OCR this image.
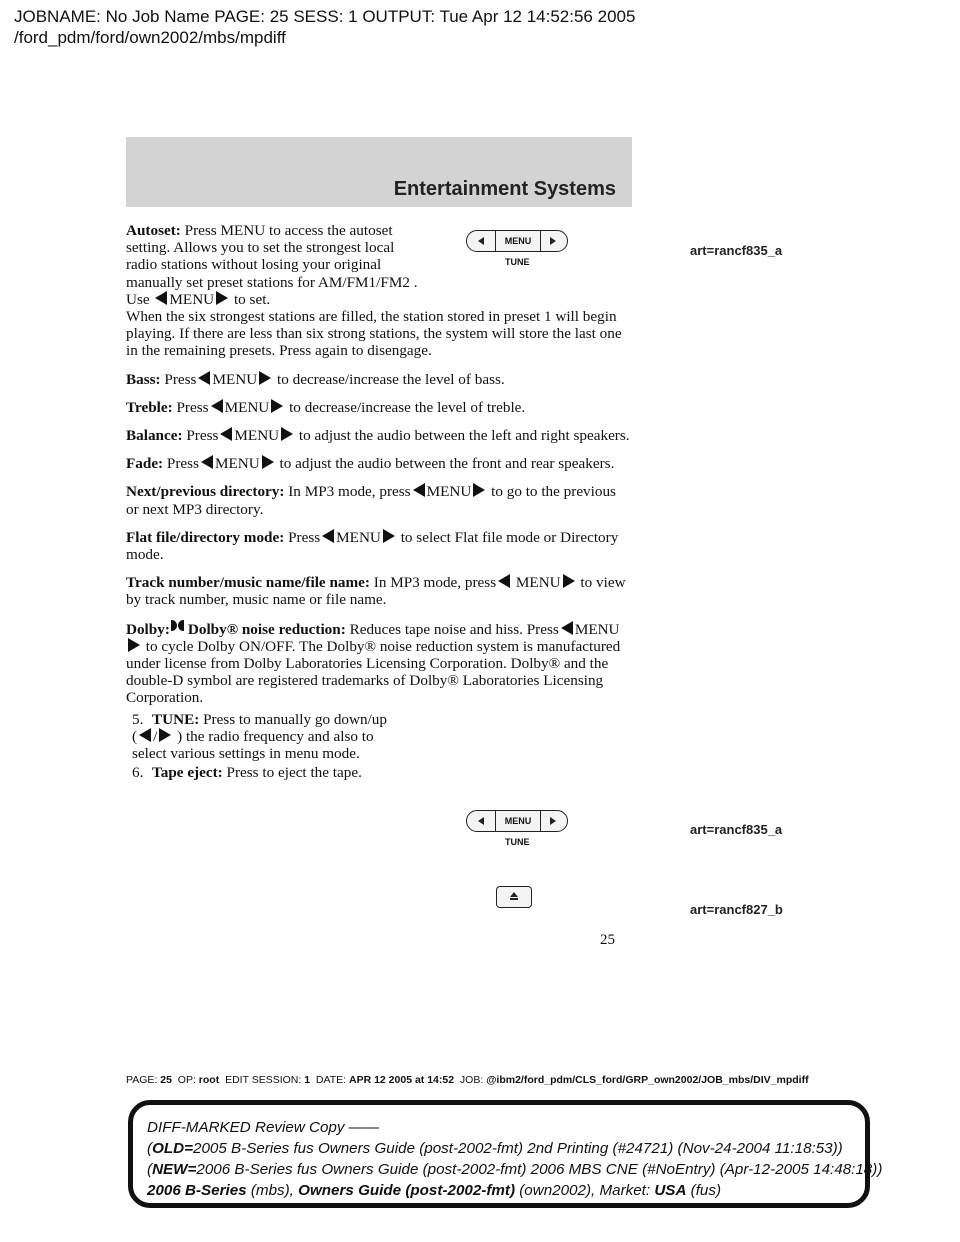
JOBNAME: No Job Name PAGE: 25 SESS: 1 OUTPUT: Tue Apr 12 14:52:56 2005
/ford_pdm/ford/own2002/mbs/mpdiff
Entertainment Systems
MENU
TUNE
art=rancf835_a
MENU
TUNE
art=rancf835_a
art=rancf827_b

Autoset: Press MENU to access the autoset setting. Allows you to set the strongest local radio stations without losing your original manually set preset stations for AM/FM1/FM2 . Use MENU to set.

When the six strongest stations are filled, the station stored in preset 1 will begin playing. If there are less than six strong stations, the system will store the last one in the remaining presets. Press again to disengage.

Bass: Press MENU to decrease/increase the level of bass.

Treble: Press MENU to decrease/increase the level of treble.

Balance: Press MENU to adjust the audio between the left and right speakers.

Fade: Press MENU to adjust the audio between the front and rear speakers.

Next/previous directory: In MP3 mode, press MENU to go to the previous or next MP3 directory.

Flat file/directory mode: Press MENU to select Flat file mode or Directory mode.

Track number/music name/file name: In MP3 mode, press MENU to view by track number, music name or file name.

Dolby: Dolby® noise reduction: Reduces tape noise and hiss. Press MENU to cycle Dolby ON/OFF. The Dolby® noise reduction system is manufactured under license from Dolby Laboratories Licensing Corporation. Dolby® and the double-D symbol are registered trademarks of Dolby® Laboratories Licensing Corporation.

5. TUNE: Press to manually go down/up ( / ) the radio frequency and also to select various settings in menu mode.

6. Tape eject: Press to eject the tape.

25
PAGE: 25 OP: root EDIT SESSION: 1 DATE: APR 12 2005 at 14:52 JOB: @ibm2/ford_pdm/CLS_ford/GRP_own2002/JOB_mbs/DIV_mpdiff

DIFF-MARKED Review Copy ——

(OLD=2005 B-Series fus Owners Guide (post-2002-fmt) 2nd Printing (#24721) (Nov-24-2004 11:18:53))

(NEW=2006 B-Series fus Owners Guide (post-2002-fmt) 2006 MBS CNE (#NoEntry) (Apr-12-2005 14:48:18))

2006 B-Series (mbs), Owners Guide (post-2002-fmt) (own2002), Market: USA (fus)
